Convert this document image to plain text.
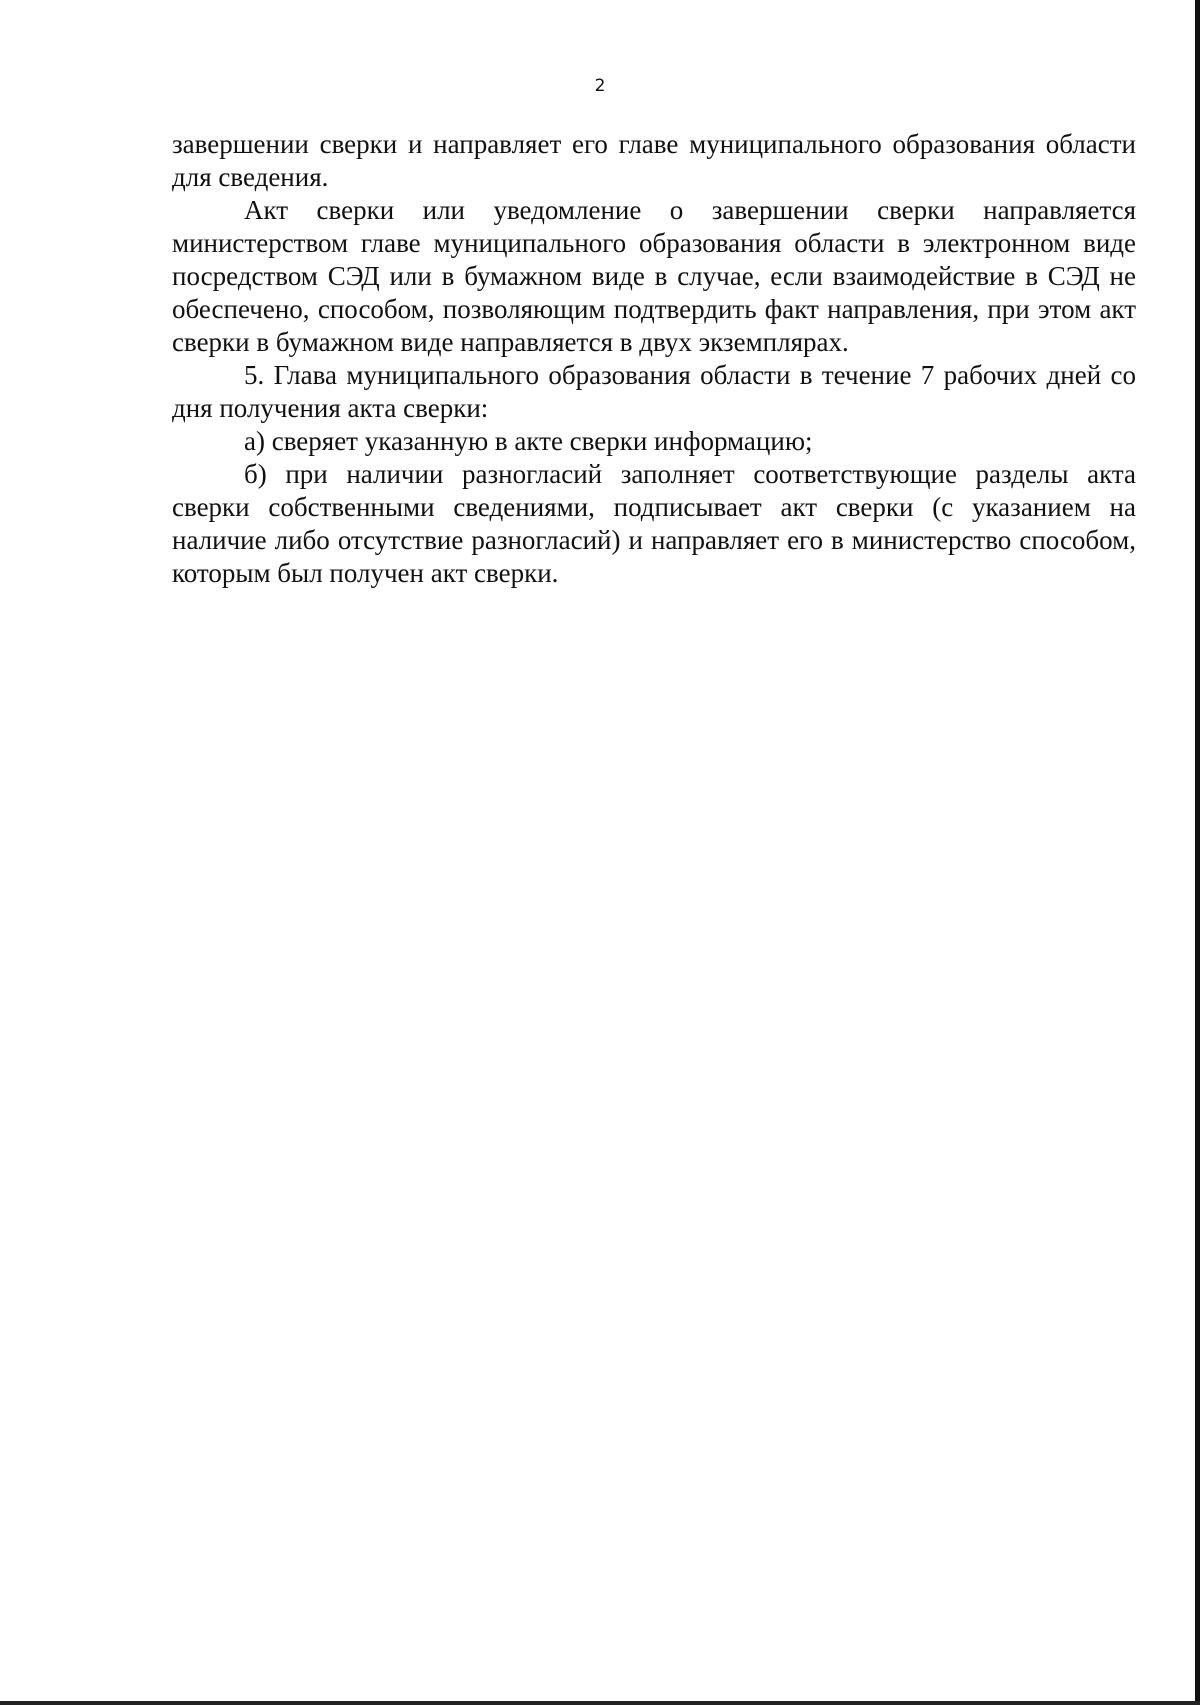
2

завершении сверки и направляет его главе муниципального образования области для сведения.

Акт сверки или уведомление о завершении сверки направляется министерством главе муниципального образования области в электронном виде посредством СЭД или в бумажном виде в случае, если взаимодействие в СЭД не обеспечено, способом, позволяющим подтвердить факт направления, при этом акт сверки в бумажном виде направляется в двух экземплярах.

5. Глава муниципального образования области в течение 7 рабочих дней со дня получения акта сверки:

а) сверяет указанную в акте сверки информацию;

б) при наличии разногласий заполняет соответствующие разделы акта сверки собственными сведениями, подписывает акт сверки (с указанием на наличие либо отсутствие разногласий) и направляет его в министерство способом, которым был получен акт сверки.
